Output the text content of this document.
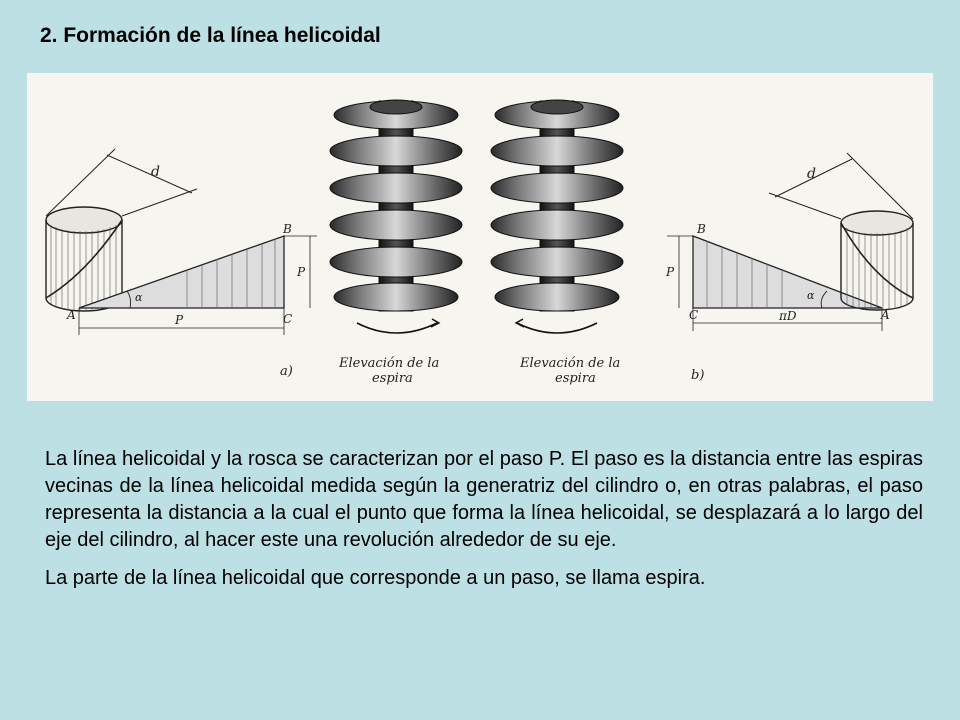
2. Formación de la línea helicoidal
d
B
A	C
P
P
α
a)
Elevación de la
espira
Elevación de la
espira
d
B
A
C
P
πD
α
b)

La línea helicoidal y la rosca se caracterizan por el paso P. El paso es la distancia entre las espiras vecinas de la línea helicoidal medida según la generatriz del cilindro o, en otras palabras, el paso representa la distancia a la cual el punto que forma la línea helicoidal, se desplazará a lo largo del eje del cilindro, al hacer este una revolución alrededor de su eje.

La parte de la línea helicoidal que corresponde a un paso, se llama espira.
